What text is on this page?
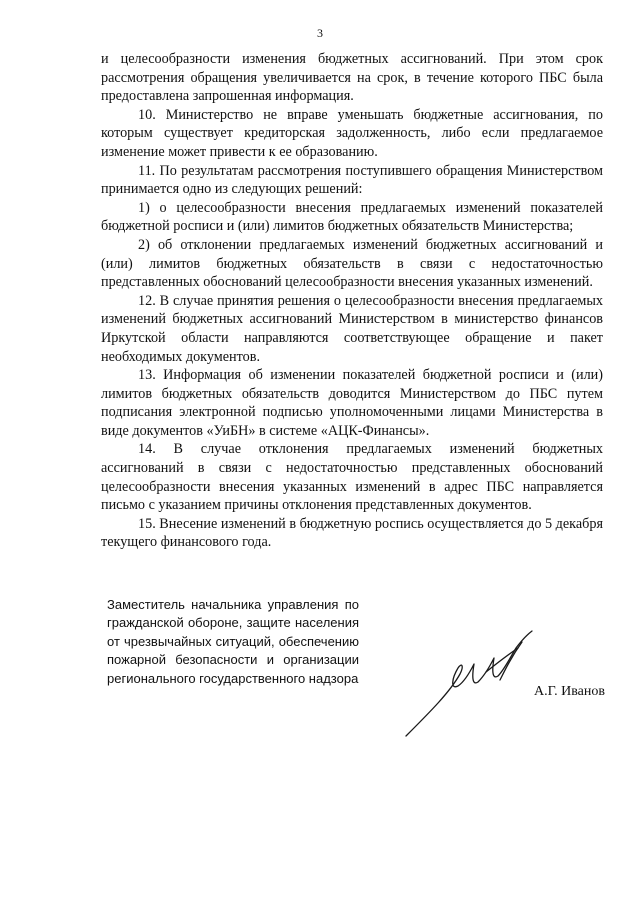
3

и целесообразности изменения бюджетных ассигнований. При этом срок рассмотрения обращения увеличивается на срок, в течение которого ПБС была предоставлена запрошенная информация.

10. Министерство не вправе уменьшать бюджетные ассигнования, по которым существует кредиторская задолженность, либо если предлагаемое изменение может привести к ее образованию.

11. По результатам рассмотрения поступившего обращения Министерством принимается одно из следующих решений:

1) о целесообразности внесения предлагаемых изменений показателей бюджетной росписи и (или) лимитов бюджетных обязательств Министерства;

2) об отклонении предлагаемых изменений бюджетных ассигнований и (или) лимитов бюджетных обязательств в связи с недостаточностью представленных обоснований целесообразности внесения указанных изменений.

12. В случае принятия решения о целесообразности внесения предлагаемых изменений бюджетных ассигнований Министерством в министерство финансов Иркутской области направляются соответствующее обращение и пакет необходимых документов.

13. Информация об изменении показателей бюджетной росписи и (или) лимитов бюджетных обязательств доводится Министерством до ПБС путем подписания электронной подписью уполномоченными лицами Министерства в виде документов «УиБН» в системе «АЦК-Финансы».

14. В случае отклонения предлагаемых изменений бюджетных ассигнований в связи с недостаточностью представленных обоснований целесообразности внесения указанных изменений в адрес ПБС направляется письмо с указанием причины отклонения представленных документов.

15. Внесение изменений в бюджетную роспись осуществляется до 5 декабря текущего финансового года.

Заместитель начальника управления по гражданской обороне, защите населения от чрезвычайных ситуаций, обеспечению пожарной безопасности и организации регионального государственного надзора
А.Г. Иванов
